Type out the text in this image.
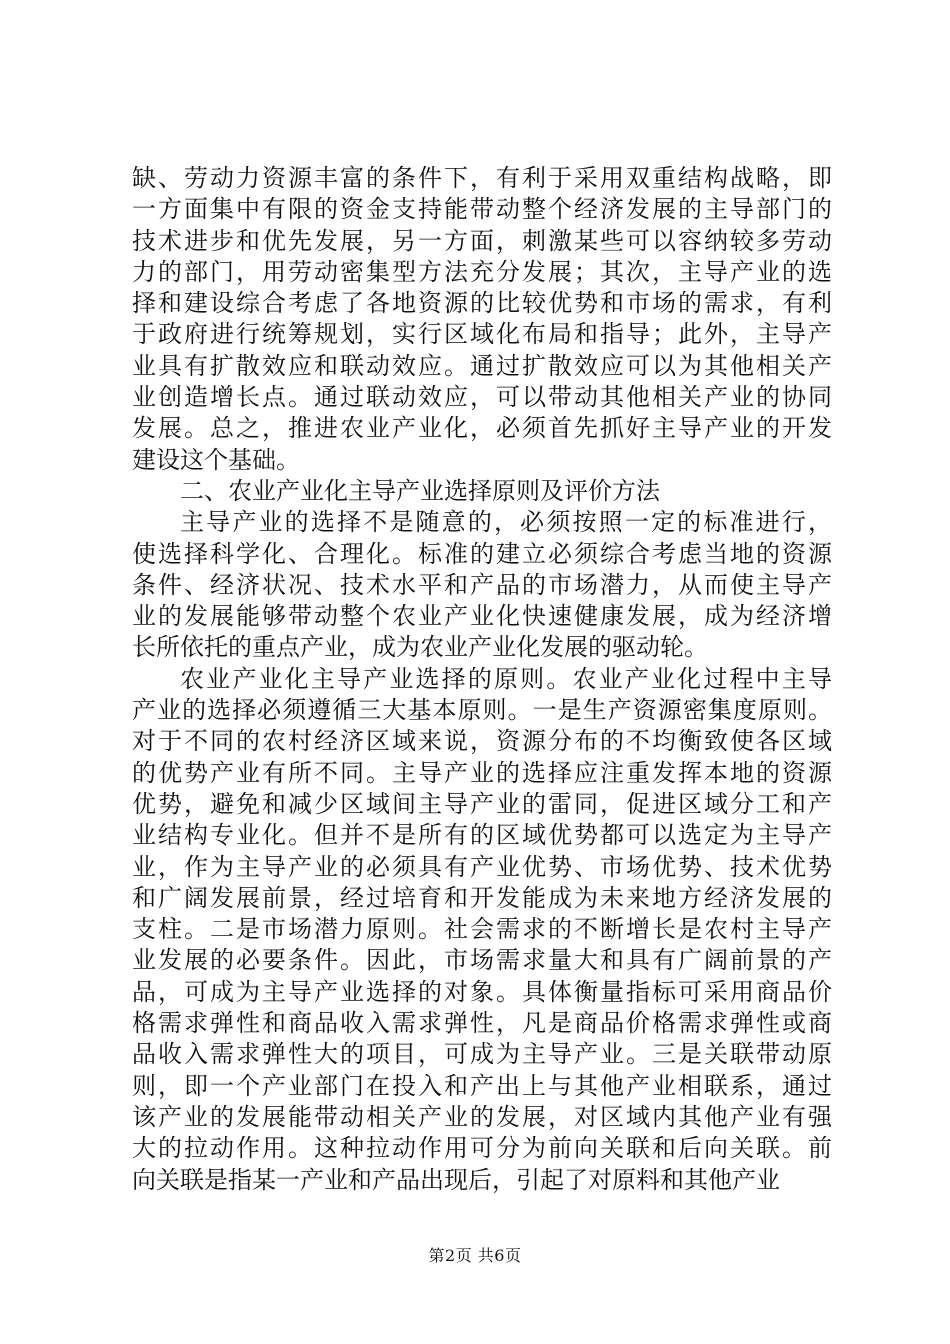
缺、劳动力资源丰富的条件下，有利于采用双重结构战略，即
一方面集中有限的资金支持能带动整个经济发展的主导部门的
技术进步和优先发展，另一方面，刺激某些可以容纳较多劳动
力的部门，用劳动密集型方法充分发展；其次，主导产业的选
择和建设综合考虑了各地资源的比较优势和市场的需求，有利
于政府进行统筹规划，实行区域化布局和指导；此外，主导产
业具有扩散效应和联动效应。通过扩散效应可以为其他相关产
业创造增长点。通过联动效应，可以带动其他相关产业的协同
发展。总之，推进农业产业化，必须首先抓好主导产业的开发
建设这个基础。
二、农业产业化主导产业选择原则及评价方法
主导产业的选择不是随意的，必须按照一定的标准进行，
使选择科学化、合理化。标准的建立必须综合考虑当地的资源
条件、经济状况、技术水平和产品的市场潜力，从而使主导产
业的发展能够带动整个农业产业化快速健康发展，成为经济增
长所依托的重点产业，成为农业产业化发展的驱动轮。
农业产业化主导产业选择的原则。农业产业化过程中主导
产业的选择必须遵循三大基本原则。一是生产资源密集度原则。
对于不同的农村经济区域来说，资源分布的不均衡致使各区域
的优势产业有所不同。主导产业的选择应注重发挥本地的资源
优势，避免和减少区域间主导产业的雷同，促进区域分工和产
业结构专业化。但并不是所有的区域优势都可以选定为主导产
业，作为主导产业的必须具有产业优势、市场优势、技术优势
和广阔发展前景，经过培育和开发能成为未来地方经济发展的
支柱。二是市场潜力原则。社会需求的不断增长是农村主导产
业发展的必要条件。因此，市场需求量大和具有广阔前景的产
品，可成为主导产业选择的对象。具体衡量指标可采用商品价
格需求弹性和商品收入需求弹性，凡是商品价格需求弹性或商
品收入需求弹性大的项目，可成为主导产业。三是关联带动原
则，即一个产业部门在投入和产出上与其他产业相联系，通过
该产业的发展能带动相关产业的发展，对区域内其他产业有强
大的拉动作用。这种拉动作用可分为前向关联和后向关联。前
向关联是指某一产业和产品出现后，引起了对原料和其他产业
第2页 共6页
